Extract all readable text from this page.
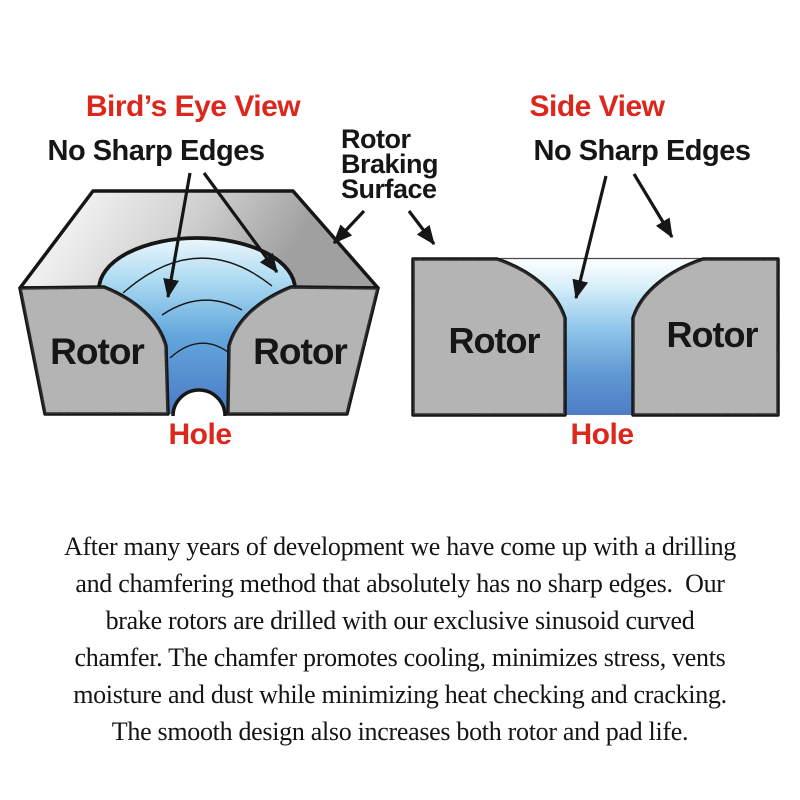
Bird’s Eye View	Side View
No Sharp Edges	No Sharp Edges
Rotor
Braking
Surface
Rotor	Rotor	Rotor	Rotor
Hole	Hole
After many years of development we have come up with a drilling
and chamfering method that absolutely has no sharp edges.  Our
brake rotors are drilled with our exclusive sinusoid curved
chamfer. The chamfer promotes cooling, minimizes stress, vents
moisture and dust while minimizing heat checking and cracking.
The smooth design also increases both rotor and pad life.
